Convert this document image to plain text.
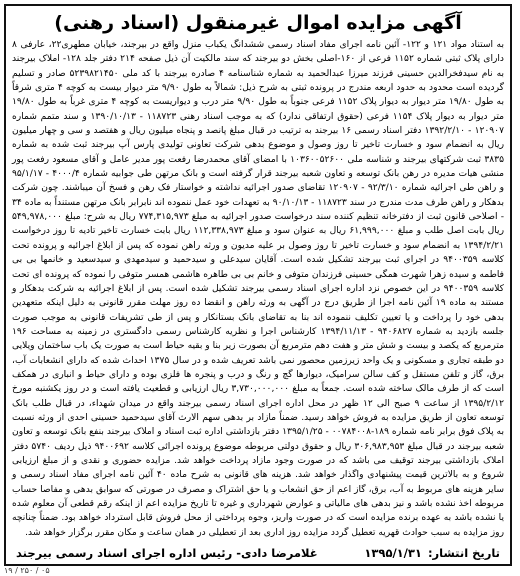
آگهی مزایده اموال غیرمنقول (اسناد رهنی)

به استناد مواد ۱۲۱ و ۱۲۲- آئین نامه اجرای مفاد اسناد رسمی ششدانگ یکباب منزل واقع در بیرجند، خیابان مطهری۲۲، عارفی ۸ دارای پلاک ثبتی شماره ۱۱۵۲ فرعی از ۱۶۰-اصلی بخش دو بیرجند که سند مالکیت آن ذیل صفحه ۲۱۴ دفتر جلد ۱۲۸- املاک بیرجند به نام سیدفخرالدین حسینی فرزند میرزا عبدالحمید به شماره شناسنامه ۴ صادره بیرجند با کد ملی ۵۲۳۹۸۲۱۴۵۰ صادر و تسلیم گردیده است محدود به حدود اربعه مندرج در پرونده ثبتی به شرح ذیل: شمالاً به طول ۹/۹۰ متر دیوار بیست به کوچه ۴ متری شرقاً به طول ۱۹/۸۰ متر دیوار به دیوار پلاک ۱۱۵۲ فرعی جنوباً به طول ۹/۹۰ متر درب و دیواریست به کوچه ۴ متری غرباً به طول ۱۹/۸۰ متر دیوار به دیوار پلاک ۱۱۵۴ فرعی (حقوق ارتفاقی ندارد) که به موجب اسناد رهنی ۱۱۸۷۲۳ - ۱۳۹۰/۱۰/۱۳ و سند متمم شماره ۱۲۰۹۰۷ - ۱۳۹۲/۲/۱۰ دفتر اسناد رسمی ۱۶ بیرجند به ترتیب در قبال مبلغ پانصد و پنجاه میلیون ریال و هفتصد و سی و چهار میلیون ریال به انضمام سود و خسارت تاخیر تا روز وصول و موضوع بدهی شرکت تعاونی تولیدی پارس آپ بیرجند ثبت شده به شماره ۳۸۳۵ ثبت شرکتهای بیرجند و شناسه ملی ۱۰۳۶۰۰۵۲۶۰۰ با امضای آقای محمدرضا رفعت پور مدیر عامل و آقای مسعود رفعت پور منشی هیات مدیره در رهن بانک توسعه و تعاون شعبه بیرجند قرار گرفته است و بانک مرتهن طی جوابیه شماره ۴۰۰۰/۴ - ۹۵/۱/۱۷ و راهن طی اجرائیه شماره ۹۲/۳/۱۰ - ۱۲۰۹۰۷ تقاضای صدور اجرائیه نداشته و خواستار فک رهن و فسخ آن میباشند. چون شرکت بدهکار و راهن طرف مدت مندرج در سند ۱۱۸۷۲۳ - ۹۰/۱۰/۱۳ به تعهدات خود عمل ننموده اند نابرابر بانک مرتهن مستنداً به ماده ۳۴ - اصلاحی قانون ثبت از دفترخانه تنظیم کننده سند درخواست صدور اجرائیه به مبلغ ۷۷۴,۳۱۵,۹۷۳ ریال به شرح: مبلغ ۵۴۹,۹۷۸,۰۰۰ ریال بابت اصل طلب و مبلغ ۶۱,۹۹۹,۰۰۰ ریال به عنوان سود و مبلغ ۱۱۲,۳۳۸,۹۷۳ ریال بابت خسارت تاخیر تادیه تا روز درخواست ۱۳۹۴/۲/۲۱ به انضمام سود و خسارت تاخیر تا روز وصول بر علیه مدیون و ورثه راهن نموده که پس از ابلاغ اجرائیه و پرونده تحت کلاسه ۹۴۰۰۳۵۹ در اجرای ثبت بیرجند تشکیل شده است. آقایان سیدعلی و سیدحمید و سیدمهدی و سیدسعید و خانمها بی بی فاطمه و سیده زهرا شهرت همگی حسینی فرزندان متوفی و خانم بی بی طاهره هاشمی همسر متوفی را نموده که پرونده ای تحت کلاسه ۹۴۰۰۳۵۹ در این خصوص نزد اداره اجرای اسناد رسمی بیرجند تشکیل شده است. پس از ابلاغ اجرائیه به شرکت بدهکار و مستند به ماده ۱۹ آئین نامه اجرا از طریق درج در آگهی به ورثه راهن و انقضا ده روز مهلت مقرر قانونی به دلیل اینکه متعهدین بدهی خود را پرداخت و یا تعیین تکلیف ننموده اند بنا به تقاضای بانک بستانکار و پس از طی تشریفات قانونی به موجب صورت جلسه بازدید به شماره ۹۴۰۶۸۲۷ - ۱۳۹۴/۱۱/۱۳ کارشناس اجرا و نظریه کارشناس رسمی دادگستری در زمینه به مساحت ۱۹۶ مترمربع که یکصد و بیست و شش متر و هفت دهم مترمربع آن بصورت زیر بنا و بقیه حیاط است به صورت یک باب ساختمان ویلایی دو طبقه تجاری و مسکونی و یک واحد زیرزمین محصور نمی باشد تعریف شده و در سال ۱۳۷۵ احداث شده که دارای انشعابات آب، برق، گاز و تلفن مستقل و کف سالن سرامیک، دیوارها گچ و رنگ و درب و پنجره ها فلزی بوده و دارای حیاط و انباری در همکف است که از طرف مالک ساخته شده است. جمعاً به مبلغ ۳,۷۳۰,۰۰۰,۰۰۰ ریال ارزیابی و قطعیت یافته است و در روز یکشنبه مورخ ۱۳۹۵/۲/۱۲ از ساعت ۹ صبح الی ۱۲ ظهر در محل اداره اجرای اسناد رسمی بیرجند واقع در میدان شهداء، در قبال طلب بانک توسعه تعاون از طریق مزایده به فروش خواهد رسید. ضمناً مازاد بر بدهی سهم الارث آقای سیدحمید حسینی احدی از ورثه نسبت به پلاک فوق برابر نامه شماره ۱۸۹-۰۰۷۸۴۰۰۸ - ۱۳۹۵/۱/۲۵ دفتر بازداشتی اداره ثبت اسناد و املاک بیرجند بنفع بانک توسعه و تعاون شعبه بیرجند در قبال مبلغ ۳۰۶,۹۸۳,۹۵۳ ریال و حقوق دولتی مربوطه موضوع پرونده اجرائی کلاسه ۹۴۰۰۶۹۲ ذیل ردیف ۵۷۴۰ دفتر املاک بازداشتی بیرجند توقیف می باشد که در صورت وجود مازاد پرداخت خواهد شد. مزایده حضوری و نقدی و از مبلغ ارزیابی شروع و به بالاترین قیمت پیشنهادی واگذار خواهد شد. هزینه های قانونی به شرح ماده ۴۰ آئین نامه اجرای مفاد اسناد رسمی و سایر هزینه های مربوط به آب، برق، گاز اعم از حق انشعاب و یا حق اشتراک و مصرف در صورتی که سوابق بدهی و مفاصا حساب مربوطه اخذ نشده باشد و نیز بدهی های مالیاتی و عوارض شهرداری و غیره تا تاریخ مزایده اعم از اینکه رقم قطعی آن معلوم شده یا نشده باشد به عهده برنده مزایده است که در صورت واریز، وجوه پرداختی از محل فروش قابل استرداد خواهد بود. ضمناً چنانچه روز مزایده به سبب حوادث قهریه تعطیل گردد مزایده روز اداری بعد از تعطیلی در همان ساعت و مکان مقرر برگزار خواهد شد.

تاریخ انتشار:
۱۳۹۵/۱/۳۱
غلامرضا دادی- رئیس اداره اجرای اسناد رسمی بیرجند
۱۹ / ۲۵۰ / ۰۵
